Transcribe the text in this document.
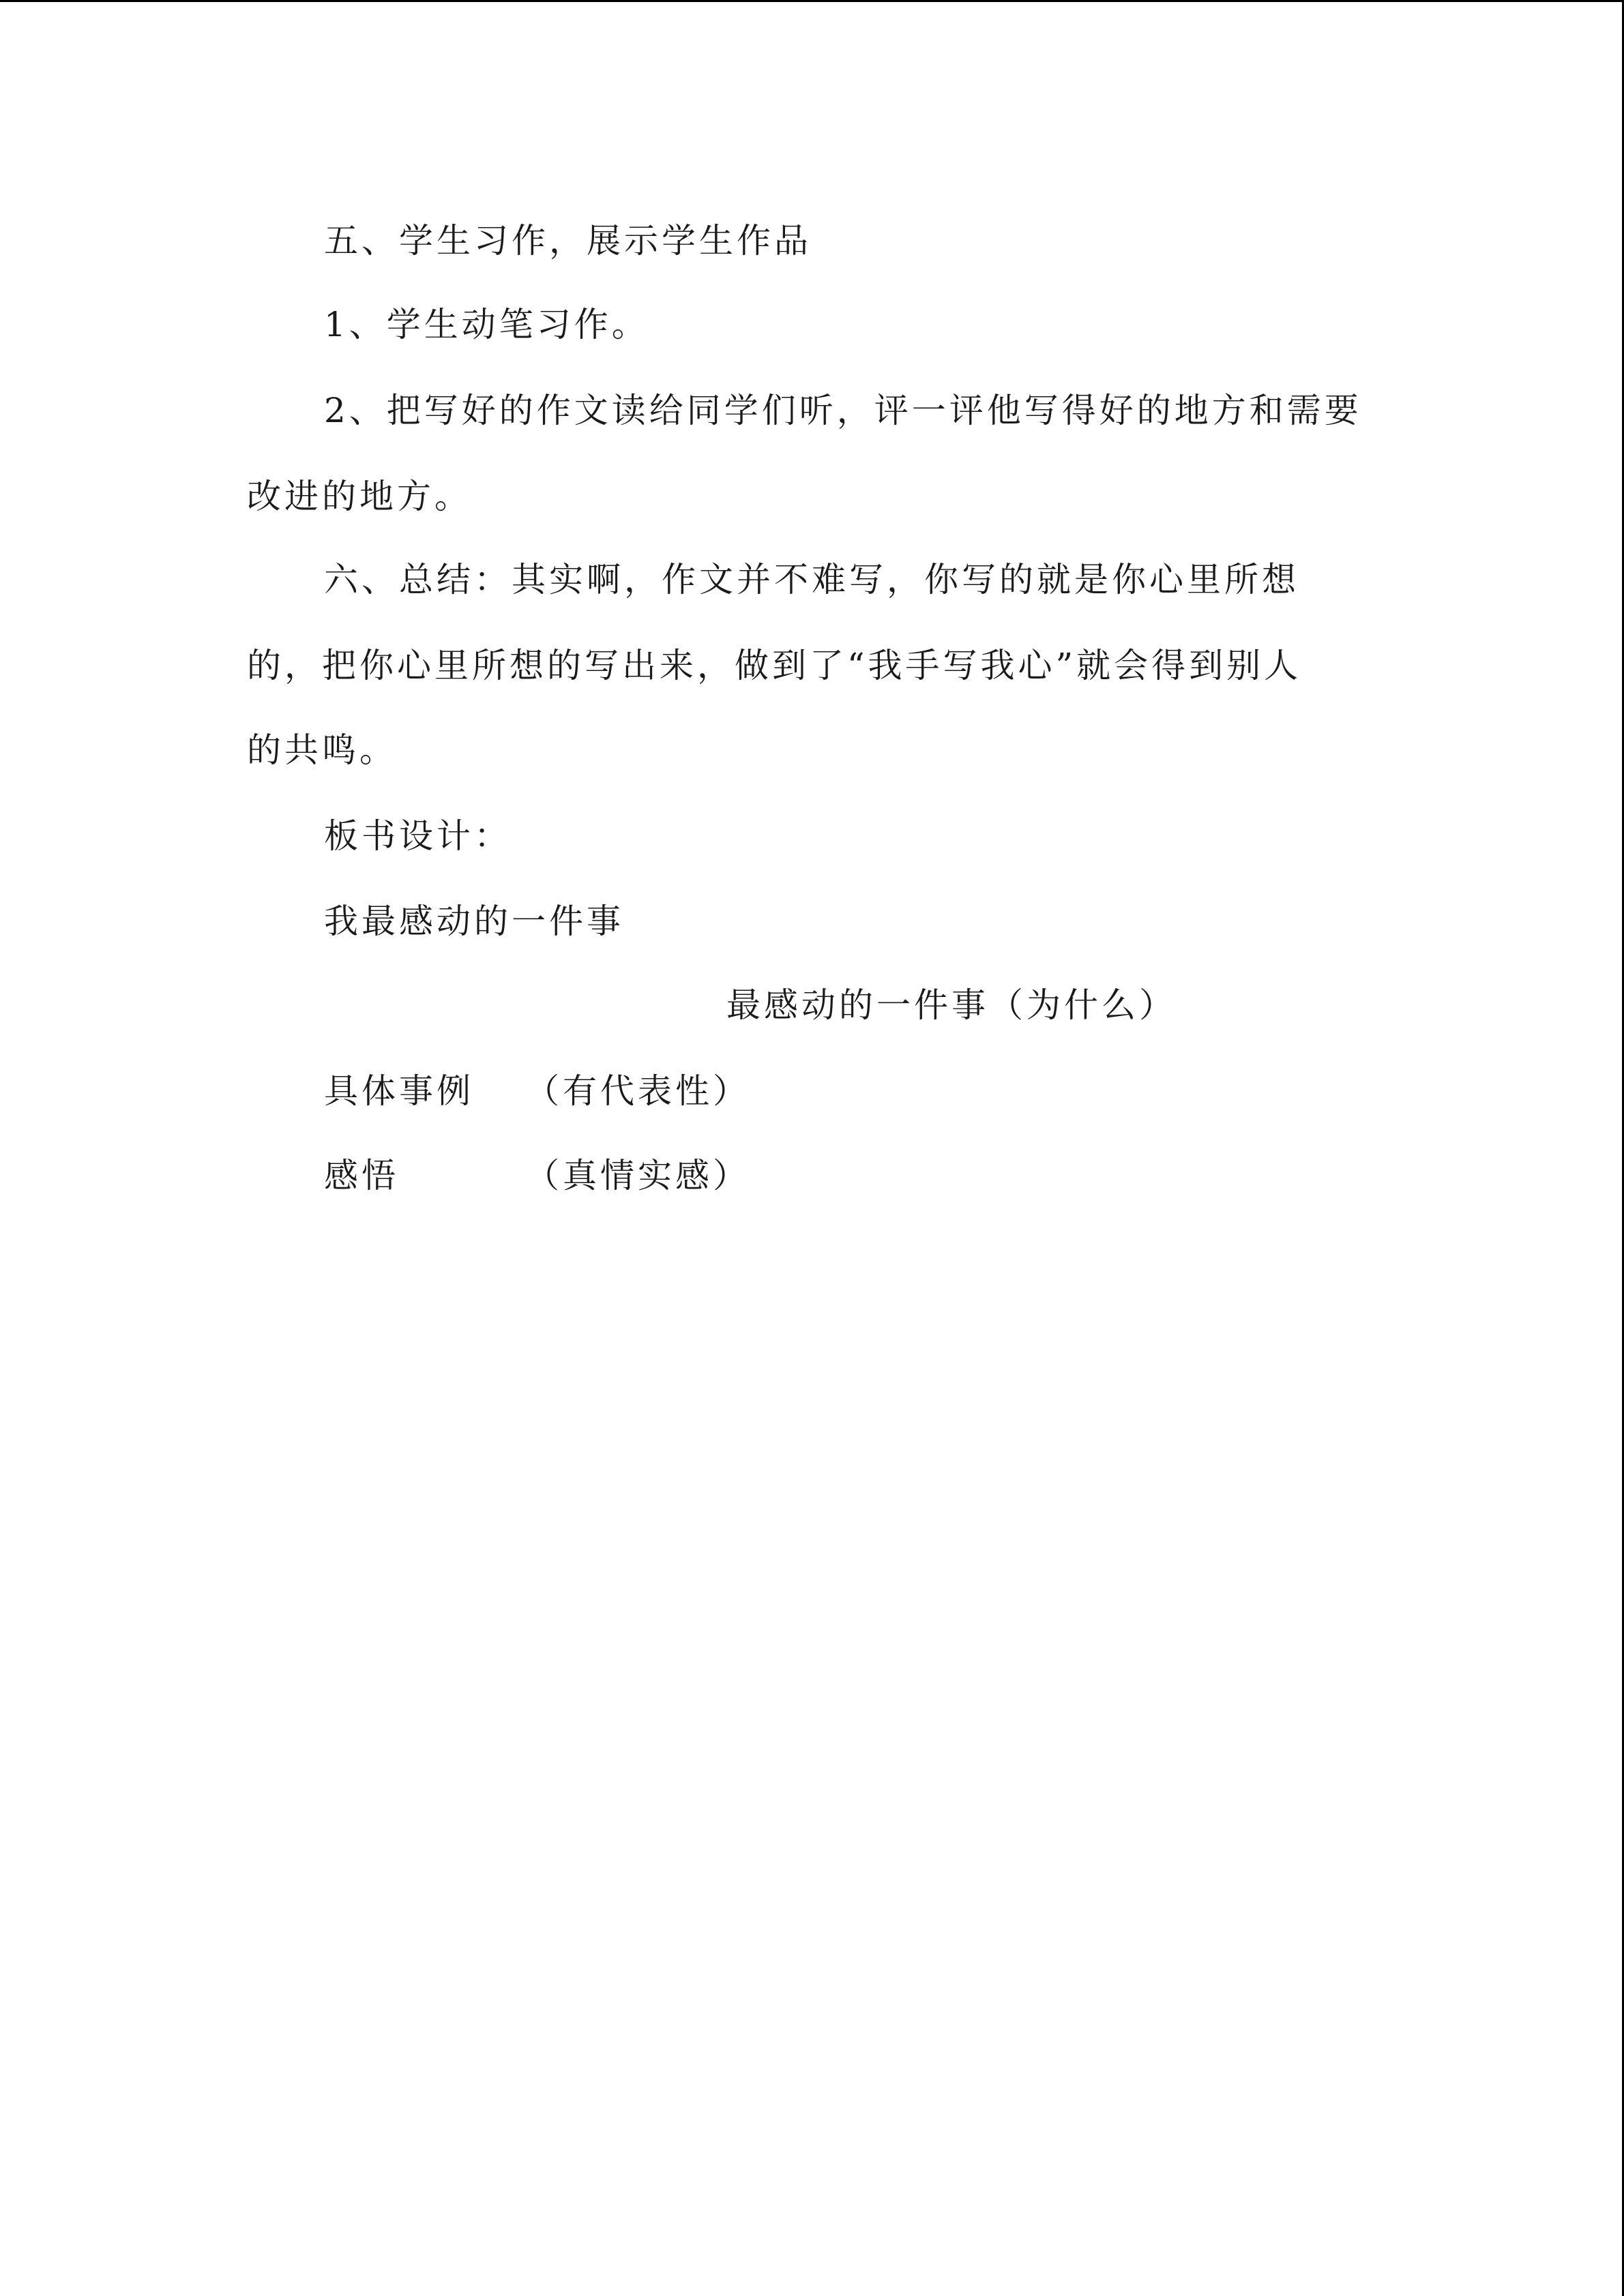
五、学生习作，展示学生作品
1、学生动笔习作。
2、把写好的作文读给同学们听，评一评他写得好的地方和需要
改进的地方。
六、总结：其实啊，作文并不难写，你写的就是你心里所想
的，把你心里所想的写出来，做到了“我手写我心”就会得到别人
的共鸣。
板书设计：
我最感动的一件事
最感动的一件事（为什么）
具体事例 （有代表性）
感悟	（真情实感）
